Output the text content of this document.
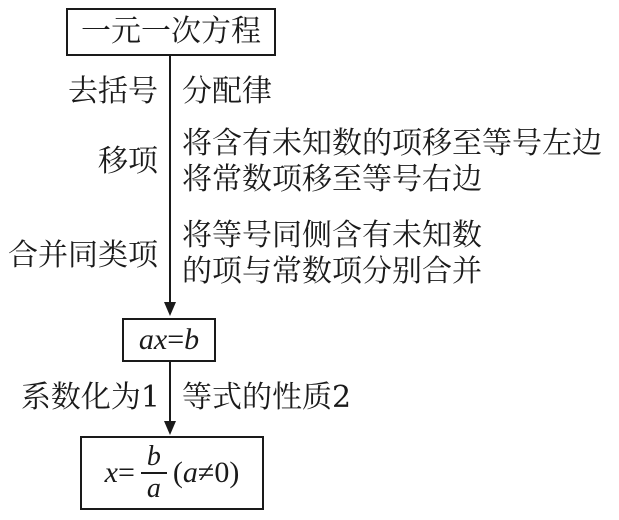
一元一次方程
去括号 分配律
移项
将含有未知数的项移至等号左边
将常数项移至等号右边
合并同类项
将等号同侧含有未知数
的项与常数项分别合并
ax = b
系数化为1 等式的性质2
$x = \frac{b}{a}$ ( a ≠ 0 )
